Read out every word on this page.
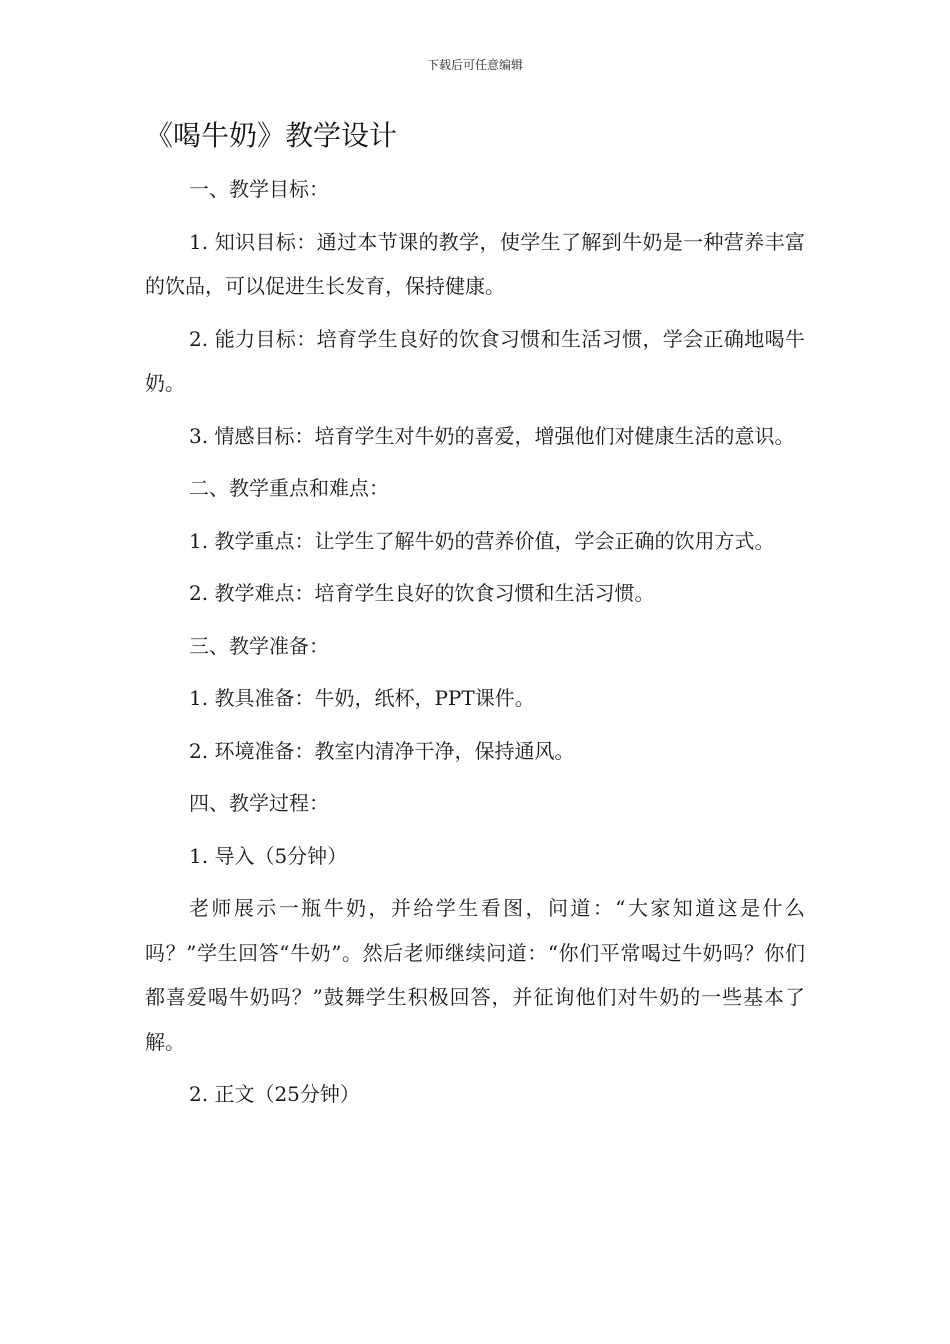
下载后可任意编辑
《喝牛奶》教学设计

一、教学目标：

1. 知识目标：通过本节课的教学，使学生了解到牛奶是一种营养丰富的饮品，可以促进生长发育，保持健康。

2. 能力目标：培育学生良好的饮食习惯和生活习惯，学会正确地喝牛奶。

3. 情感目标：培育学生对牛奶的喜爱，增强他们对健康生活的意识。

二、教学重点和难点：

1. 教学重点：让学生了解牛奶的营养价值，学会正确的饮用方式。

2. 教学难点：培育学生良好的饮食习惯和生活习惯。

三、教学准备：

1. 教具准备：牛奶，纸杯，PPT课件。

2. 环境准备：教室内清净干净，保持通风。

四、教学过程：

1. 导入（5分钟）

老师展示一瓶牛奶，并给学生看图，问道：“大家知道这是什么吗？”学生回答“牛奶”。然后老师继续问道：“你们平常喝过牛奶吗？你们都喜爱喝牛奶吗？”鼓舞学生积极回答，并征询他们对牛奶的一些基本了解。

2. 正文（25分钟）
